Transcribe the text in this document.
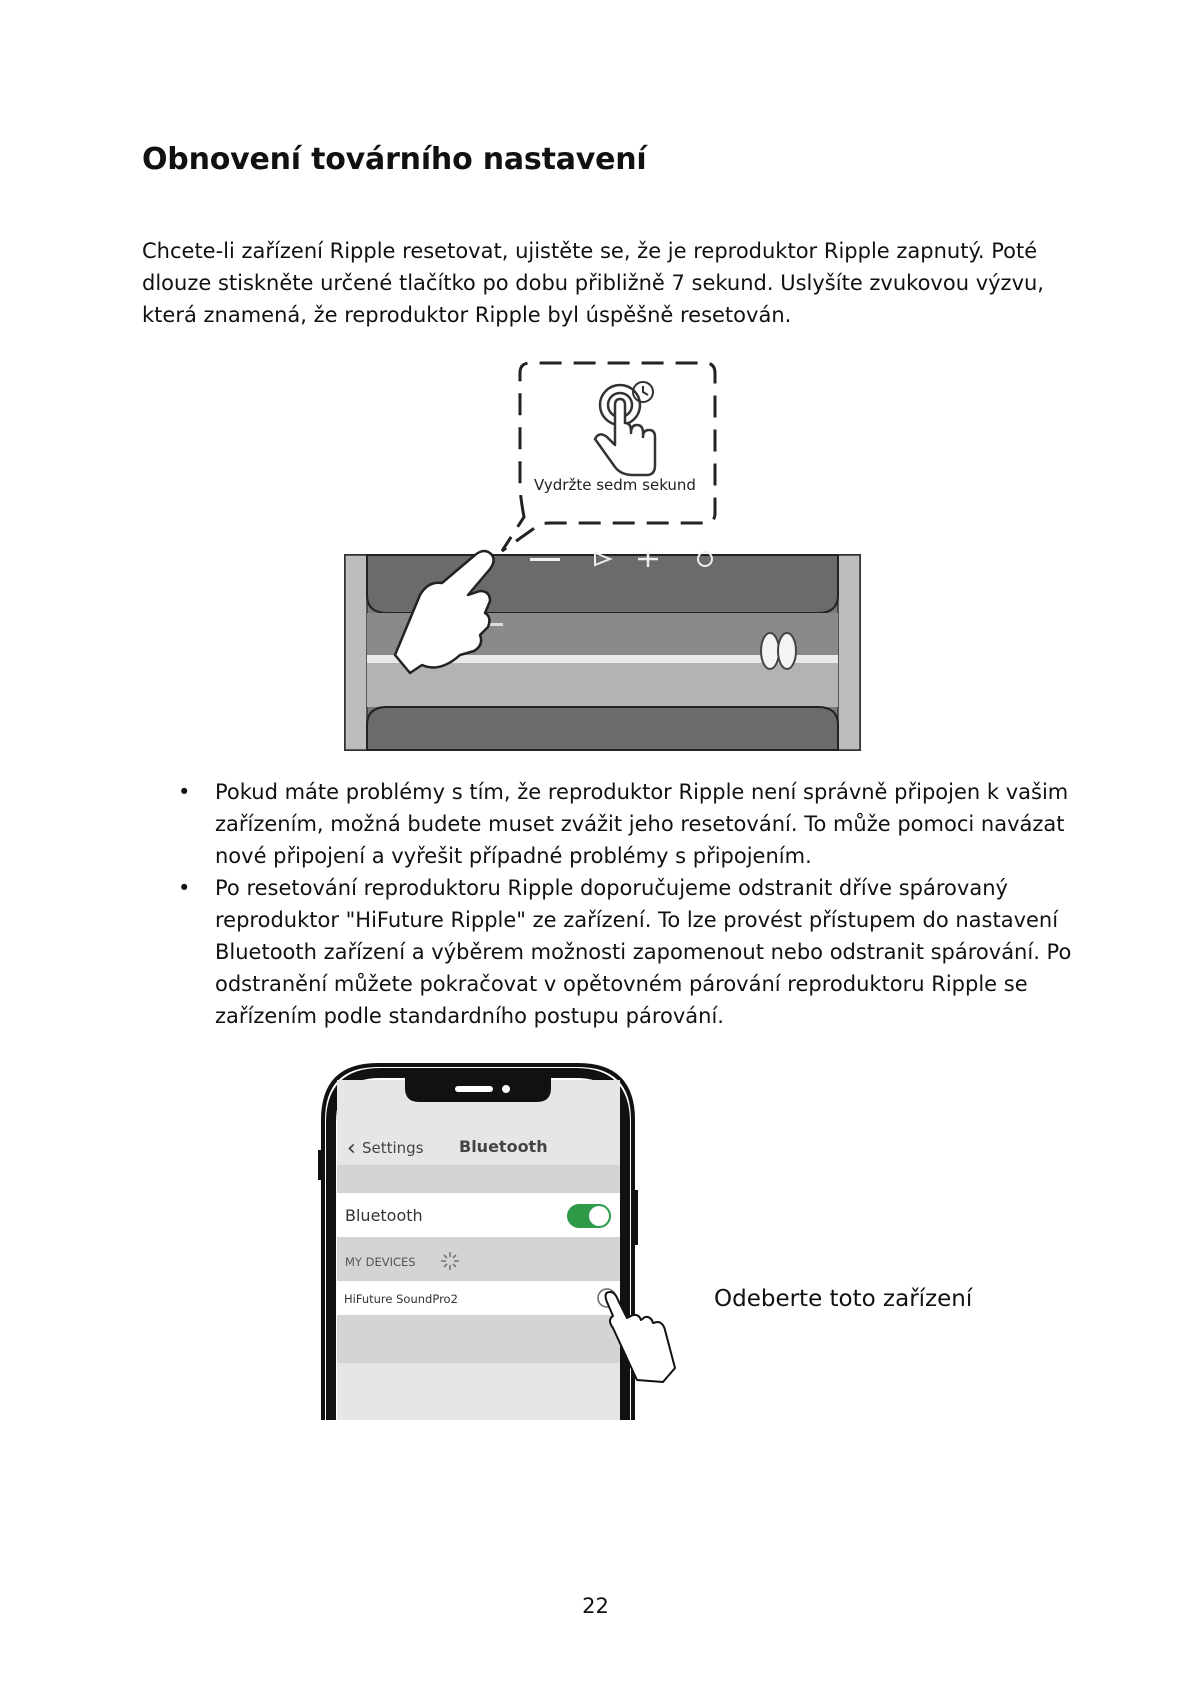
Obnovení továrního nastavení

Chcete-li zařízení Ripple resetovat, ujistěte se, že je reproduktor Ripple zapnutý. Poté dlouze stiskněte určené tlačítko po dobu přibližně 7 sekund. Uslyšíte zvukovou výzvu, která znamená, že reproduktor Ripple byl úspěšně resetován.

Vydržte sedm sekund
• Pokud máte problémy s tím, že reproduktor Ripple není správně připojen k vašim zařízením, možná budete muset zvážit jeho resetování. To může pomoci navázat nové připojení a vyřešit případné problémy s připojením.
• Po resetování reproduktoru Ripple doporučujeme odstranit dříve spárovaný reproduktor "HiFuture Ripple" ze zařízení. To lze provést přístupem do nastavení Bluetooth zařízení a výběrem možnosti zapomenout nebo odstranit spárování. Po odstranění můžete pokračovat v opětovném párování reproduktoru Ripple se zařízením podle standardního postupu párování.
‹ Settings Bluetooth
Bluetooth
MY DEVICES
HiFuture SoundPro2	Odeberte toto zařízení

22
